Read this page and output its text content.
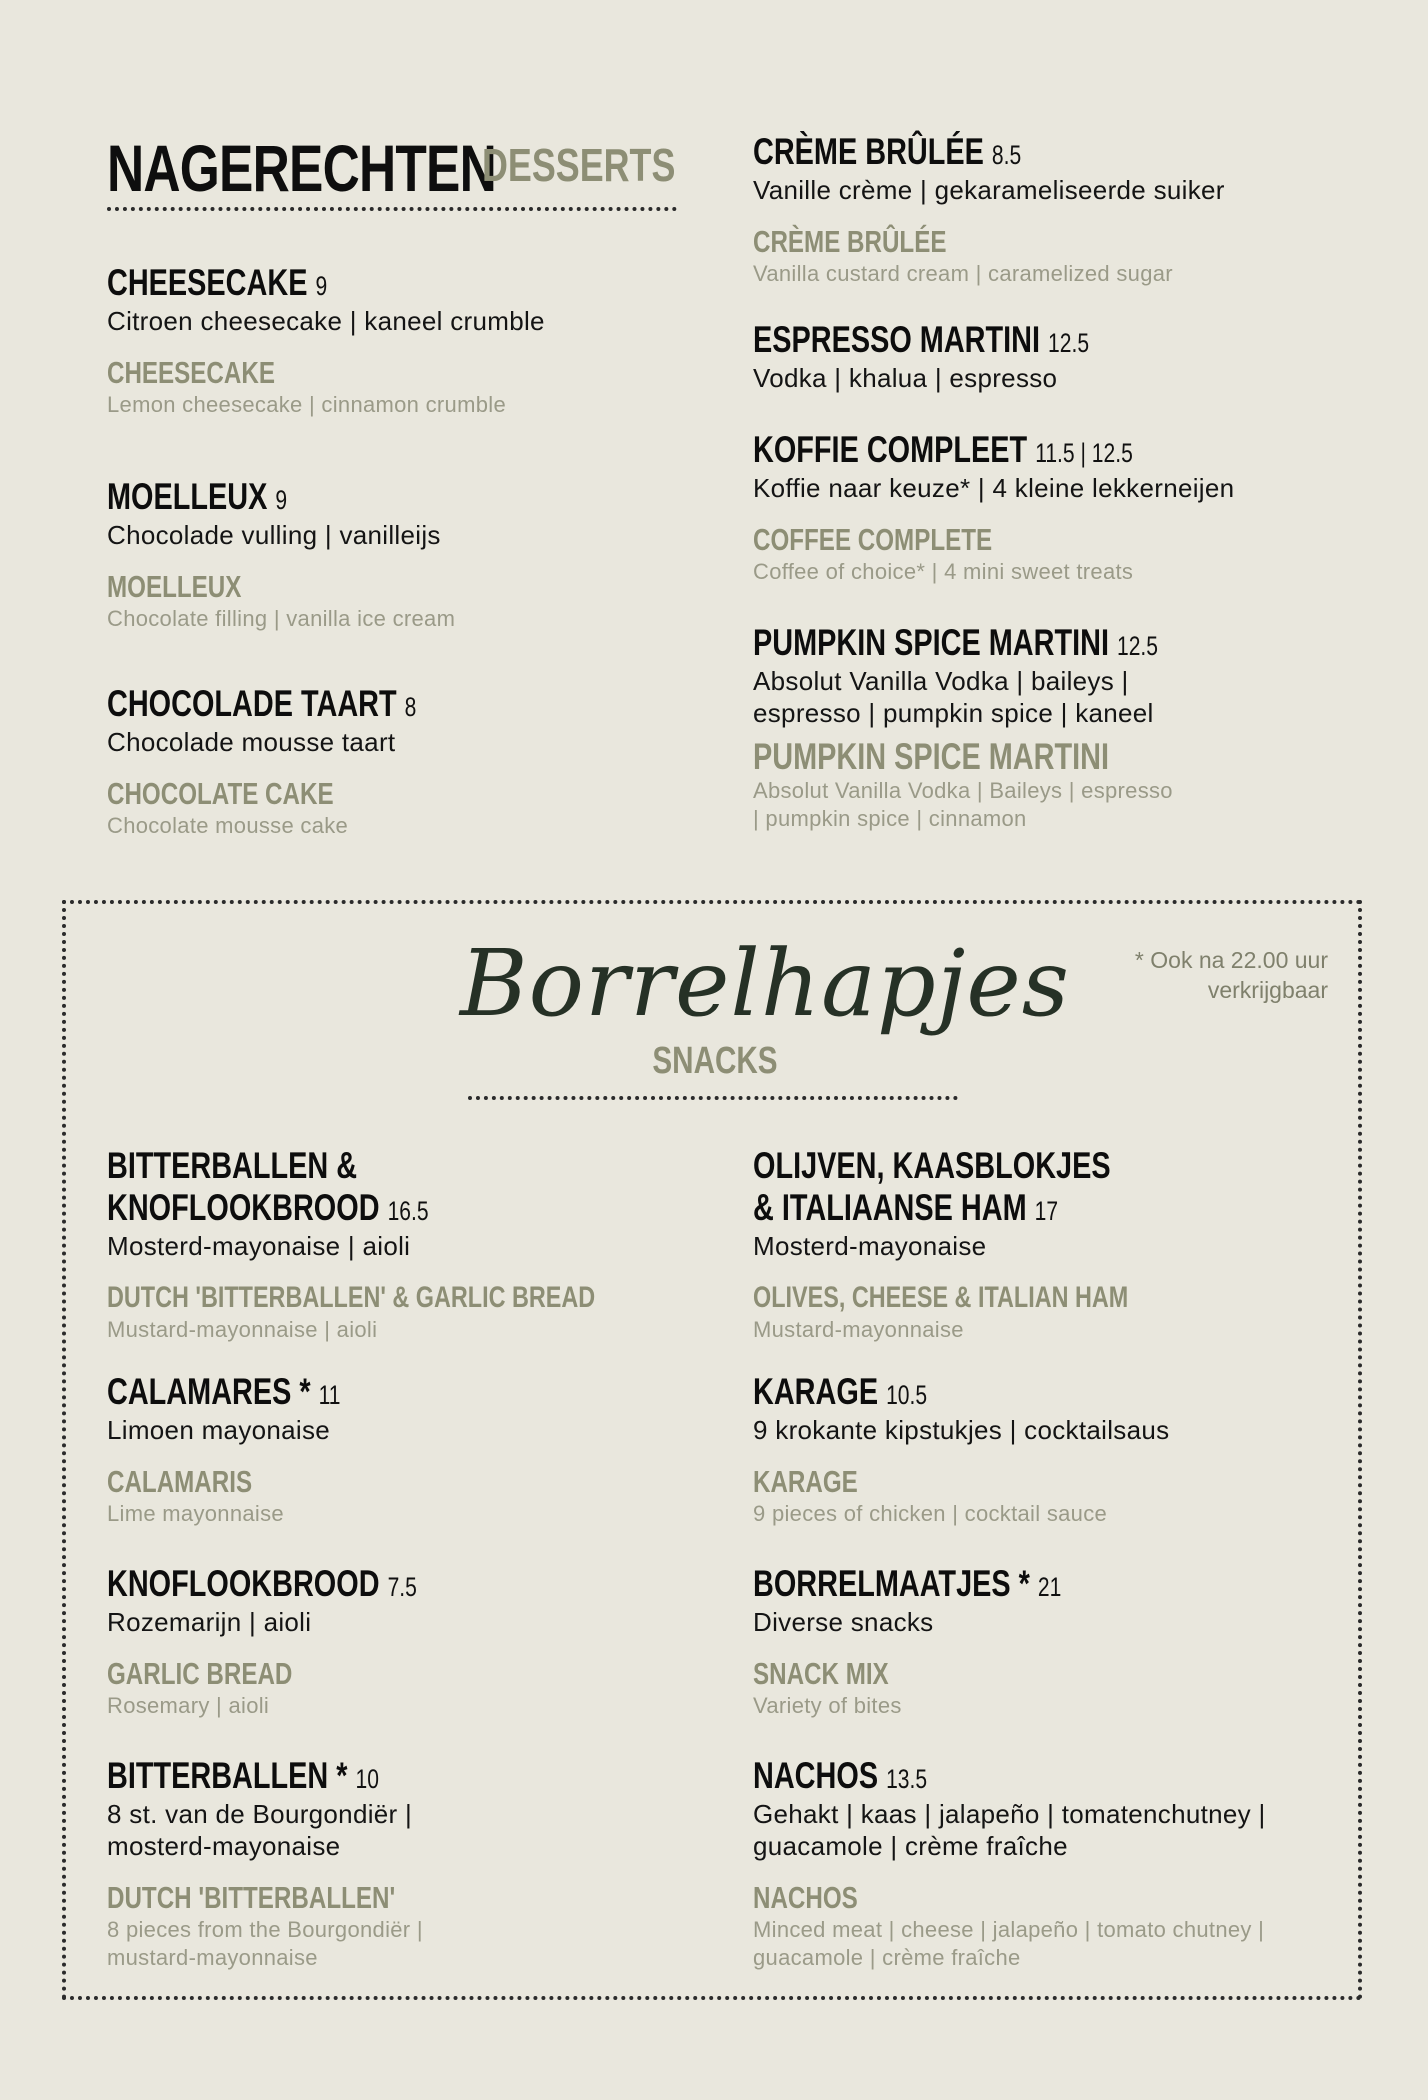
NAGERECHTEN
DESSERTS
CHEESECAKE 9
Citroen cheesecake | kaneel crumble
CHEESECAKE
Lemon cheesecake | cinnamon crumble
MOELLEUX 9
Chocolade vulling | vanilleijs
MOELLEUX
Chocolate filling | vanilla ice cream
CHOCOLADE TAART 8
Chocolade mousse taart
CHOCOLATE CAKE
Chocolate mousse cake
CRÈME BRÛLÉE 8.5
Vanille crème | gekarameliseerde suiker
CRÈME BRÛLÉE
Vanilla custard cream | caramelized sugar
ESPRESSO MARTINI 12.5
Vodka | khalua | espresso
KOFFIE COMPLEET 11.5 | 12.5
Koffie naar keuze* | 4 kleine lekkerneijen
COFFEE COMPLETE
Coffee of choice* | 4 mini sweet treats
PUMPKIN SPICE MARTINI 12.5
Absolut Vanilla Vodka | baileys | espresso | pumpkin spice | kaneel
PUMPKIN SPICE MARTINI
Absolut Vanilla Vodka | Baileys | espresso | pumpkin spice | cinnamon
Borrelhapjes
SNACKS
* Ook na 22.00 uur
verkrijgbaar
BITTERBALLEN &
KNOFLOOKBROOD 16.5
Mosterd-mayonaise | aioli
DUTCH 'BITTERBALLEN' & GARLIC BREAD
Mustard-mayonnaise | aioli
CALAMARES * 11
Limoen mayonaise
CALAMARIS
Lime mayonnaise
KNOFLOOKBROOD 7.5
Rozemarijn | aioli
GARLIC BREAD
Rosemary | aioli
BITTERBALLEN * 10
8 st. van de Bourgondiër | mosterd-mayonaise
DUTCH 'BITTERBALLEN'
8 pieces from the Bourgondiër | mustard-mayonnaise
OLIJVEN, KAASBLOKJES
& ITALIAANSE HAM 17
Mosterd-mayonaise
OLIVES, CHEESE & ITALIAN HAM
Mustard-mayonnaise
KARAGE 10.5
9 krokante kipstukjes | cocktailsaus
KARAGE
9 pieces of chicken | cocktail sauce
BORRELMAATJES * 21
Diverse snacks
SNACK MIX
Variety of bites
NACHOS 13.5
Gehakt | kaas | jalapeño | tomatenchutney | guacamole | crème fraîche
NACHOS
Minced meat | cheese | jalapeño | tomato chutney | guacamole | crème fraîche
